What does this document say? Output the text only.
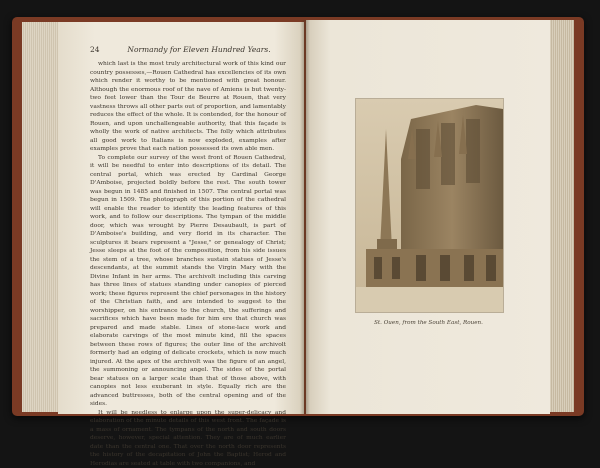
24	Normandy for Eleven Hundred Years.

which last is the most truly architectural work of this kind our country possesses,—Rouen Cathedral has excellencies of its own which render it worthy to be mentioned with great honour. Although the enormous roof of the nave of Amiens is but twenty-two feet lower than the Tour de Beurre at Rouen, that very vastness throws all other parts out of proportion, and lamentably reduces the effect of the whole. It is contended, for the honour of Rouen, and upon unchallengeable authority, that this façade is wholly the work of native architects. The folly which attributes all good work to Italians is now exploded, examples after examples prove that each nation possessed its own able men.

To complete our survey of the west front of Rouen Cathedral, it will be needful to enter into descriptions of its detail. The central portal, which was erected by Cardinal George D'Amboise, projected boldly before the rest. The south tower was begun in 1485 and finished in 1507. The central portal was begun in 1509. The photograph of this portion of the cathedral will enable the reader to identify the leading features of this work, and to follow our descriptions. The tympan of the middle door, which was wrought by Pierre Desaubault, is part of D'Amboise's building, and very florid in its character. The sculptures it bears represent a "Jesse," or genealogy of Christ; Jesse sleeps at the foot of the composition, from his side issues the stem of a tree, whose branches sustain statues of Jesse's descendants, at the summit stands the Virgin Mary with the Divine Infant in her arms. The archivolt including this carving has three lines of statues standing under canopies of pierced work; these figures represent the chief personages in the history of the Christian faith, and are intended to suggest to the worshipper, on his entrance to the church, the sufferings and sacrifices which have been made for him ere that church was prepared and made stable. Lines of stone-lace work and elaborate carvings of the most minute kind, fill the spaces between these rows of figures; the outer line of the archivolt formerly had an edging of delicate crockets, which is now much injured. At the apex of the archivolt was the figure of an angel, the summoning or announcing angel. The sides of the portal bear statues on a larger scale than that of those above, with canopies not less exuberant in style. Equally rich are the advanced buttresses, both of the central opening and of the sides.

It will be needless to enlarge upon the super-delicacy and elaboration of the minute details of this west front. The façade is a mass of ornament. The tympans of the north and south doors deserve, however, special attention. They are of much earlier date than the central one. That over the north door represents the history of the decapitation of John the Baptist; Herod and Herodias are seated at table with two companions, and

St. Ouen, from the South East, Rouen.
